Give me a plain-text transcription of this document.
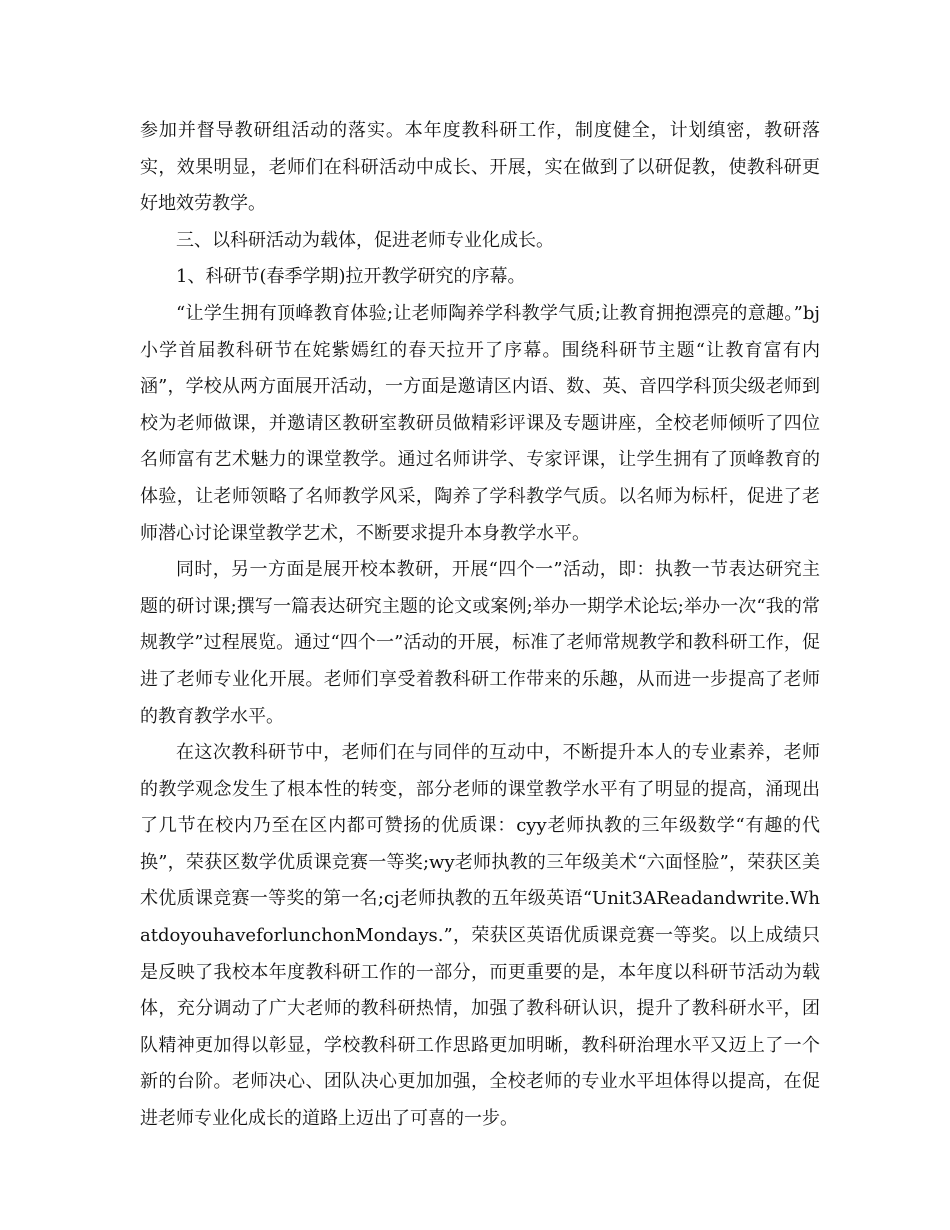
参加并督导教研组活动的落实。本年度教科研工作，制度健全，计划缜密，教研落实，效果明显，老师们在科研活动中成长、开展，实在做到了以研促教，使教科研更好地效劳教学。

三、以科研活动为载体，促进老师专业化成长。

1、科研节(春季学期)拉开教学研究的序幕。

“让学生拥有顶峰教育体验;让老师陶养学科教学气质;让教育拥抱漂亮的意趣。”bj小学首届教科研节在姹紫嫣红的春天拉开了序幕。围绕科研节主题“让教育富有内涵”，学校从两方面展开活动，一方面是邀请区内语、数、英、音四学科顶尖级老师到校为老师做课，并邀请区教研室教研员做精彩评课及专题讲座，全校老师倾听了四位名师富有艺术魅力的课堂教学。通过名师讲学、专家评课，让学生拥有了顶峰教育的体验，让老师领略了名师教学风采，陶养了学科教学气质。以名师为标杆，促进了老师潜心讨论课堂教学艺术，不断要求提升本身教学水平。

同时，另一方面是展开校本教研，开展“四个一”活动，即：执教一节表达研究主题的研讨课;撰写一篇表达研究主题的论文或案例;举办一期学术论坛;举办一次“我的常规教学”过程展览。通过“四个一”活动的开展，标准了老师常规教学和教科研工作，促进了老师专业化开展。老师们享受着教科研工作带来的乐趣，从而进一步提高了老师的教育教学水平。

在这次教科研节中，老师们在与同伴的互动中，不断提升本人的专业素养，老师的教学观念发生了根本性的转变，部分老师的课堂教学水平有了明显的提高，涌现出了几节在校内乃至在区内都可赞扬的优质课：cyy老师执教的三年级数学“有趣的代换”，荣获区数学优质课竞赛一等奖;wy老师执教的三年级美术“六面怪脸”，荣获区美术优质课竞赛一等奖的第一名;cj老师执教的五年级英语“Unit3AReadandwrite.WhatdoyouhaveforlunchonMondays.”，荣获区英语优质课竞赛一等奖。以上成绩只是反映了我校本年度教科研工作的一部分，而更重要的是，本年度以科研节活动为载体，充分调动了广大老师的教科研热情，加强了教科研认识，提升了教科研水平，团队精神更加得以彰显，学校教科研工作思路更加明晰，教科研治理水平又迈上了一个新的台阶。老师决心、团队决心更加加强，全校老师的专业水平坦体得以提高，在促进老师专业化成长的道路上迈出了可喜的一步。
